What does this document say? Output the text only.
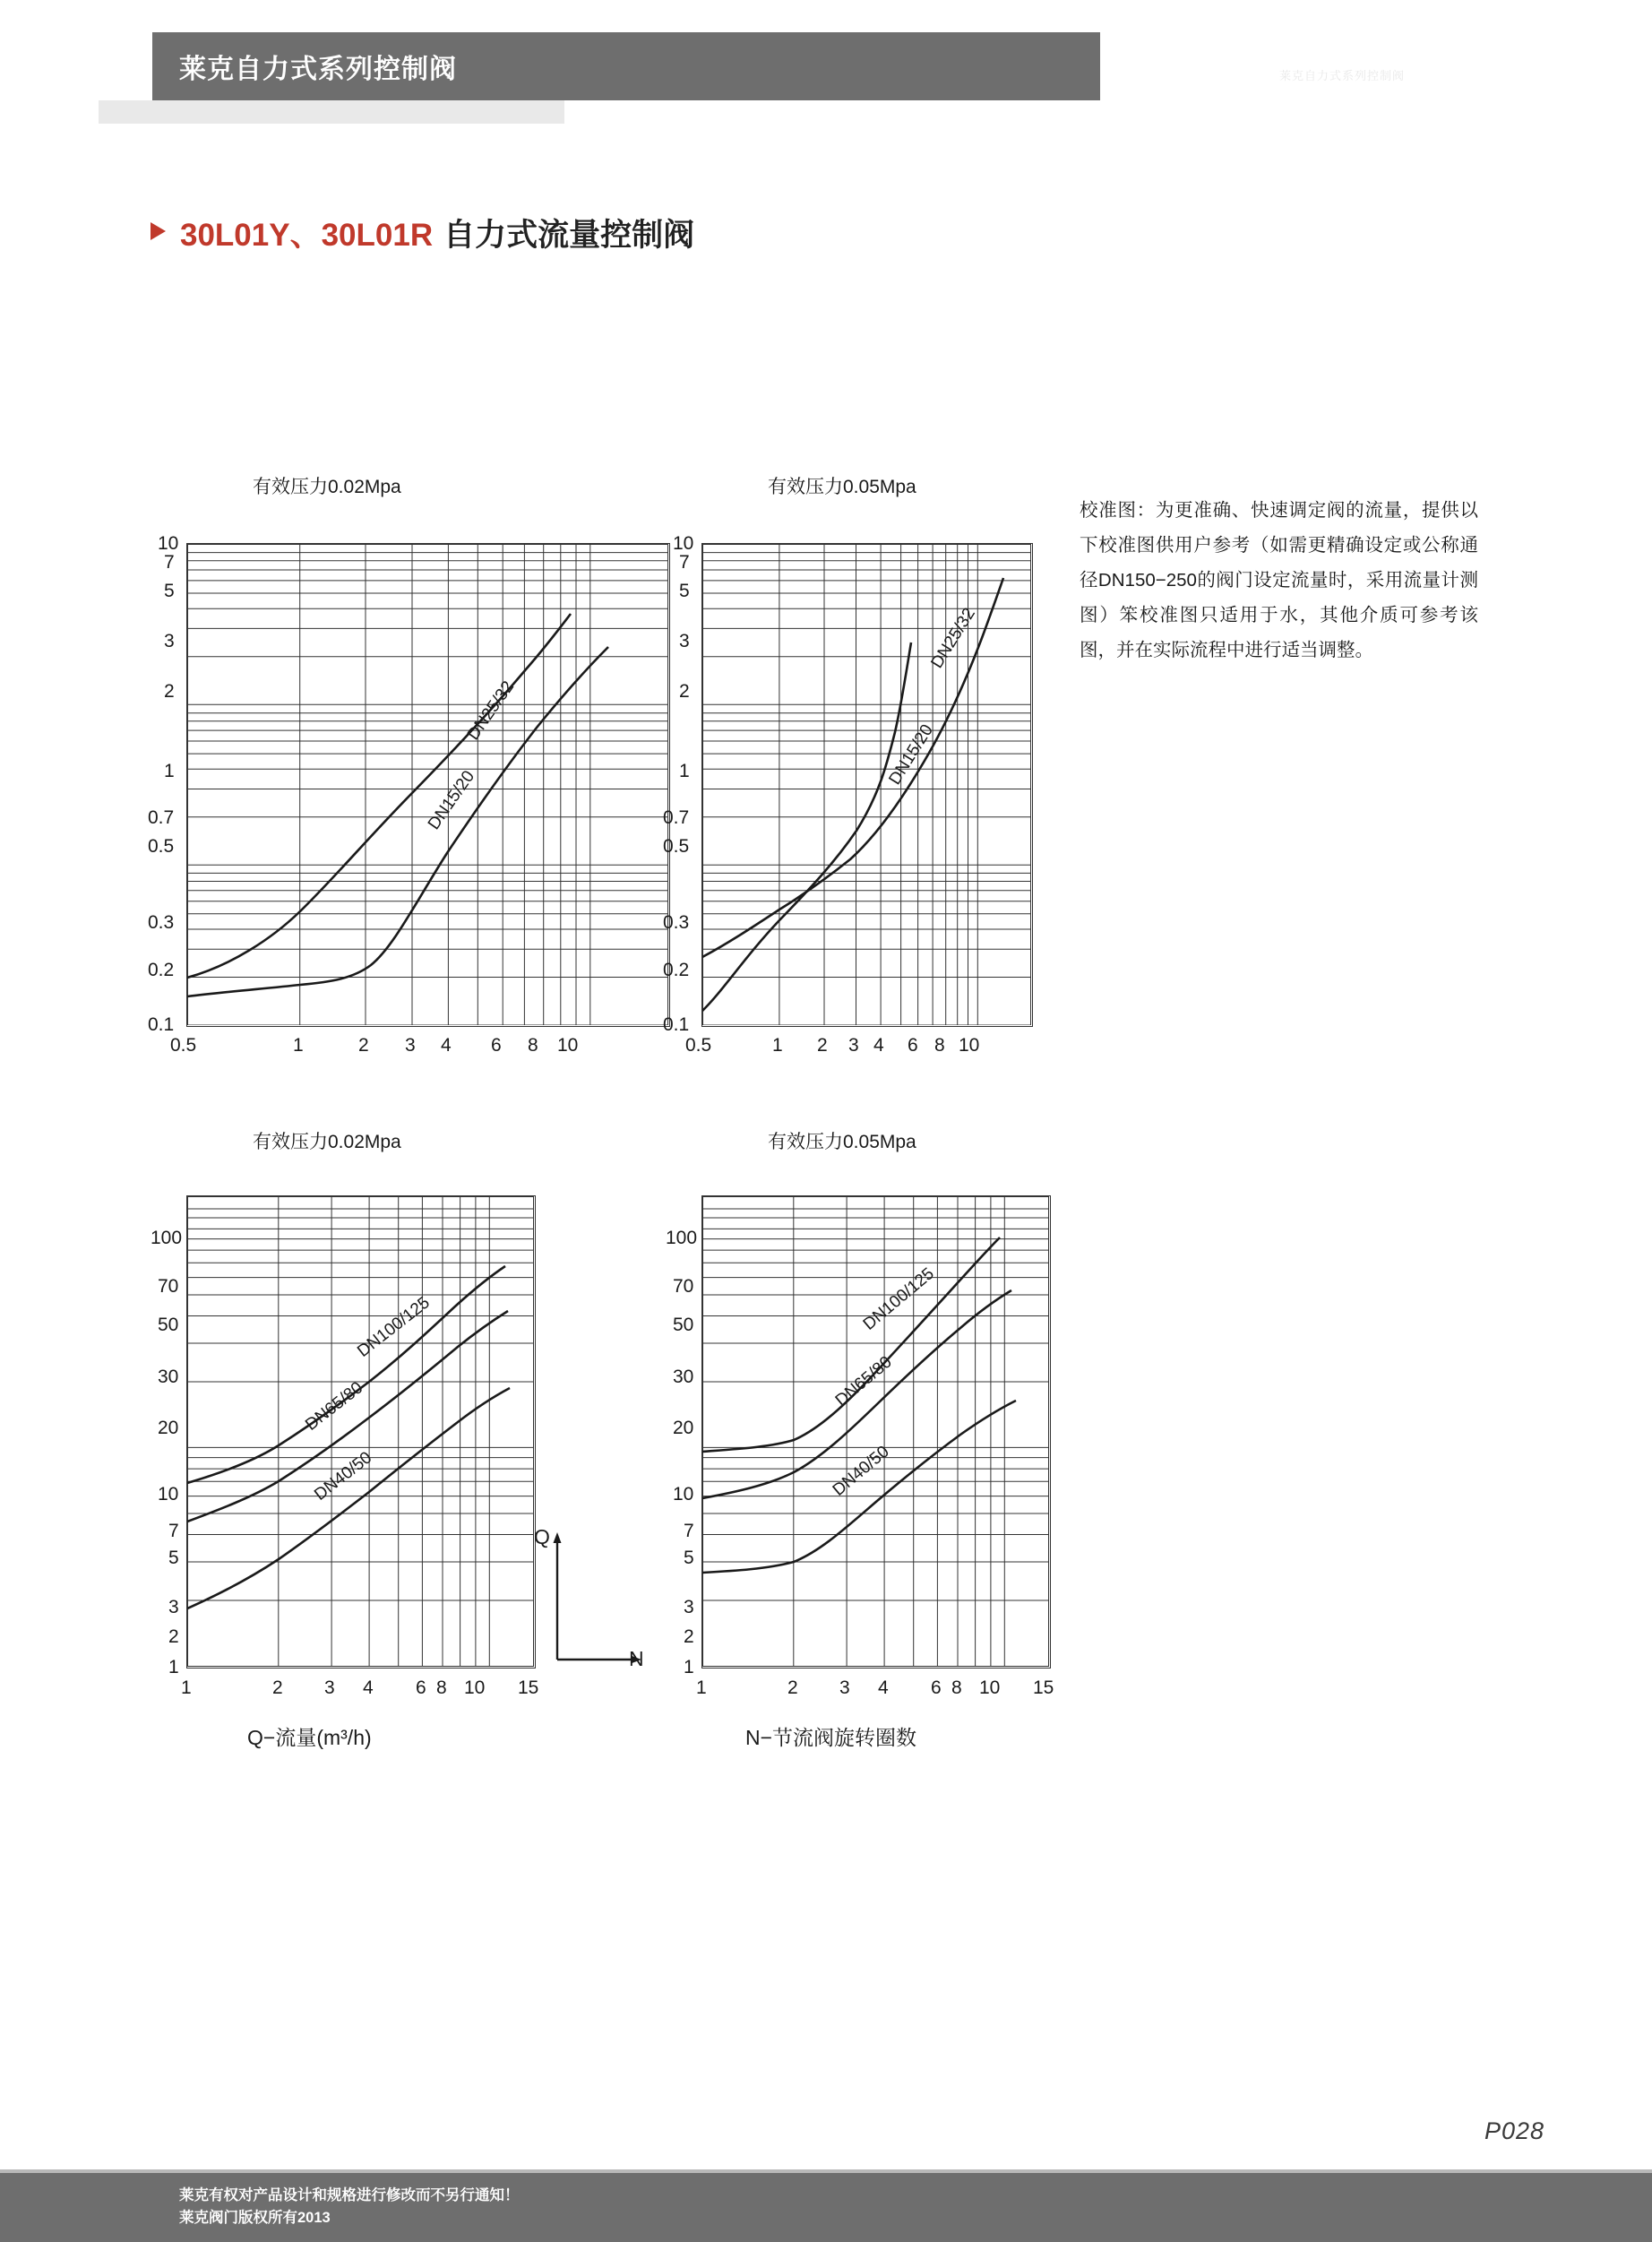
莱克自力式系列控制阀	莱克自力式系列控制阀
30L01Y、30L01R 自力式流量控制阀
有效压力0.02Mpa
DN25/32
DN15/20
10
7
5
3
2
1
0.7
0.5
0.3
0.2
0.1
0.5	1	2 3 4 6 8 10
有效压力0.05Mpa
DN25/32
DN15/20
10
7
5
3
2
1
0.7
0.5
0.3
0.2
0.1
0.5	1 2 3 4 6 8 10
校准图：为更准确、快速调定阀的流量，提供以下校准图供用户参考（如需更精确设定或公称通径DN150−250的阀门设定流量时，采用流量计测图）笨校准图只适用于水，其他介质可参考该图，并在实际流程中进行适当调整。
有效压力0.02Mpa
DN100/125
DN65/80
DN40/50
100
70
50
30
20
10
7
5
3
2
1
1	2 3 4 6 8 10 15
Q−流量(m³/h)
Q
N
有效压力0.05Mpa
DN100/125
DN65/80
DN40/50
100
70
50
30
20
10
7
5
3
2
1
1	2 3 4 6 8 10 15
N−节流阀旋转圈数
P028
莱克有权对产品设计和规格进行修改而不另行通知！
莱克阀门版权所有2013
